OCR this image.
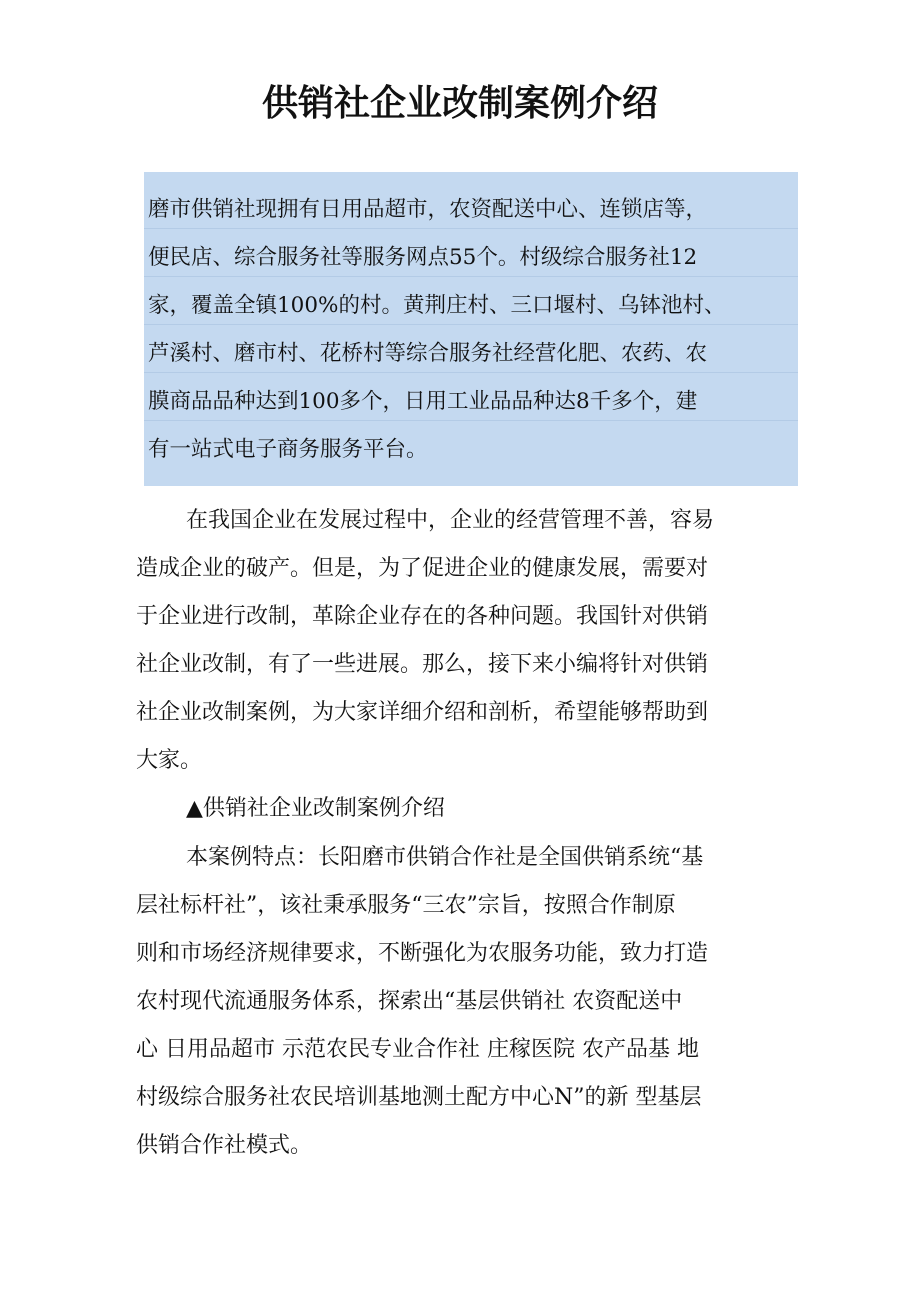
供销社企业改制案例介绍
磨市供销社现拥有日用品超市，农资配送中心、连锁店等，
便民店、综合服务社等服务网点55个。村级综合服务社12
家，覆盖全镇100%的村。黄荆庄村、三口堰村、乌钵池村、
芦溪村、磨市村、花桥村等综合服务社经营化肥、农药、农
膜商品品种达到100多个，日用工业品品种达8千多个，建
有一站式电子商务服务平台。
在我国企业在发展过程中，企业的经营管理不善，容易
造成企业的破产。但是，为了促进企业的健康发展，需要对
于企业进行改制，革除企业存在的各种问题。我国针对供销
社企业改制，有了一些进展。那么，接下来小编将针对供销
社企业改制案例，为大家详细介绍和剖析，希望能够帮助到
大家。
▲供销社企业改制案例介绍
本案例特点：长阳磨市供销合作社是全国供销系统“基
层社标杆社”，该社秉承服务“三农”宗旨，按照合作制原
则和市场经济规律要求，不断强化为农服务功能，致力打造
农村现代流通服务体系，探索出“基层供销社 农资配送中
心 日用品超市 示范农民专业合作社 庄稼医院 农产品基 地
村级综合服务社农民培训基地测土配方中心N”的新 型基层
供销合作社模式。
